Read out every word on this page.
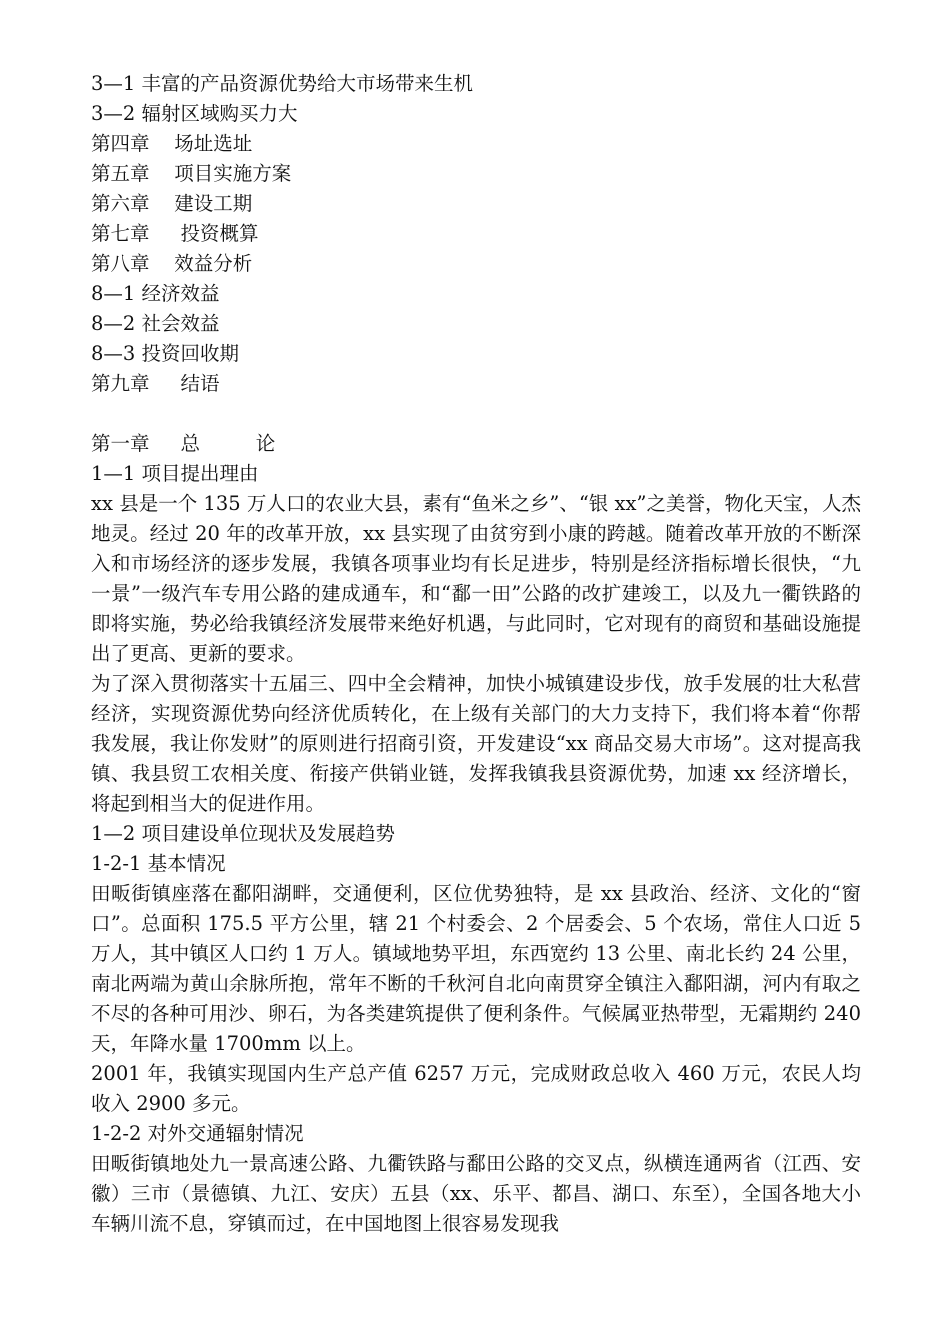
3—1 丰富的产品资源优势给大市场带来生机
3—2 辐射区域购买力大
第四章    场址选址
第五章    项目实施方案
第六章    建设工期
第七章     投资概算
第八章    效益分析
8—1 经济效益
8—2 社会效益
8—3 投资回收期
第九章     结语
第一章     总         论
1—1 项目提出理由

xx 县是一个 135 万人口的农业大县，素有“鱼米之乡”、“银 xx”之美誉，物化天宝，人杰地灵。经过 20 年的改革开放，xx 县实现了由贫穷到小康的跨越。随着改革开放的不断深入和市场经济的逐步发展，我镇各项事业均有长足进步，特别是经济指标增长很快，“九一景”一级汽车专用公路的建成通车，和“鄱一田”公路的改扩建竣工，以及九一衢铁路的即将实施，势必给我镇经济发展带来绝好机遇，与此同时，它对现有的商贸和基础设施提出了更高、更新的要求。

为了深入贯彻落实十五届三、四中全会精神，加快小城镇建设步伐，放手发展的壮大私营经济，实现资源优势向经济优质转化，在上级有关部门的大力支持下，我们将本着“你帮我发展，我让你发财”的原则进行招商引资，开发建设“xx 商品交易大市场”。这对提高我镇、我县贸工农相关度、衔接产供销业链，发挥我镇我县资源优势，加速 xx 经济增长，将起到相当大的促进作用。

1—2 项目建设单位现状及发展趋势
1-2-1 基本情况

田畈街镇座落在鄱阳湖畔，交通便利，区位优势独特，是 xx 县政治、经济、文化的“窗口”。总面积 175.5 平方公里，辖 21 个村委会、2 个居委会、5 个农场，常住人口近 5 万人，其中镇区人口约 1 万人。镇域地势平坦，东西宽约 13 公里、南北长约 24 公里，南北两端为黄山余脉所抱，常年不断的千秋河自北向南贯穿全镇注入鄱阳湖，河内有取之不尽的各种可用沙、卵石，为各类建筑提供了便利条件。气候属亚热带型，无霜期约 240 天，年降水量 1700mm 以上。

2001 年，我镇实现国内生产总产值 6257 万元，完成财政总收入 460 万元，农民人均收入 2900 多元。

1-2-2 对外交通辐射情况

田畈街镇地处九一景高速公路、九衢铁路与鄱田公路的交叉点，纵横连通两省（江西、安徽）三市（景德镇、九江、安庆）五县（xx、乐平、都昌、湖口、东至），全国各地大小车辆川流不息，穿镇而过，在中国地图上很容易发现我
